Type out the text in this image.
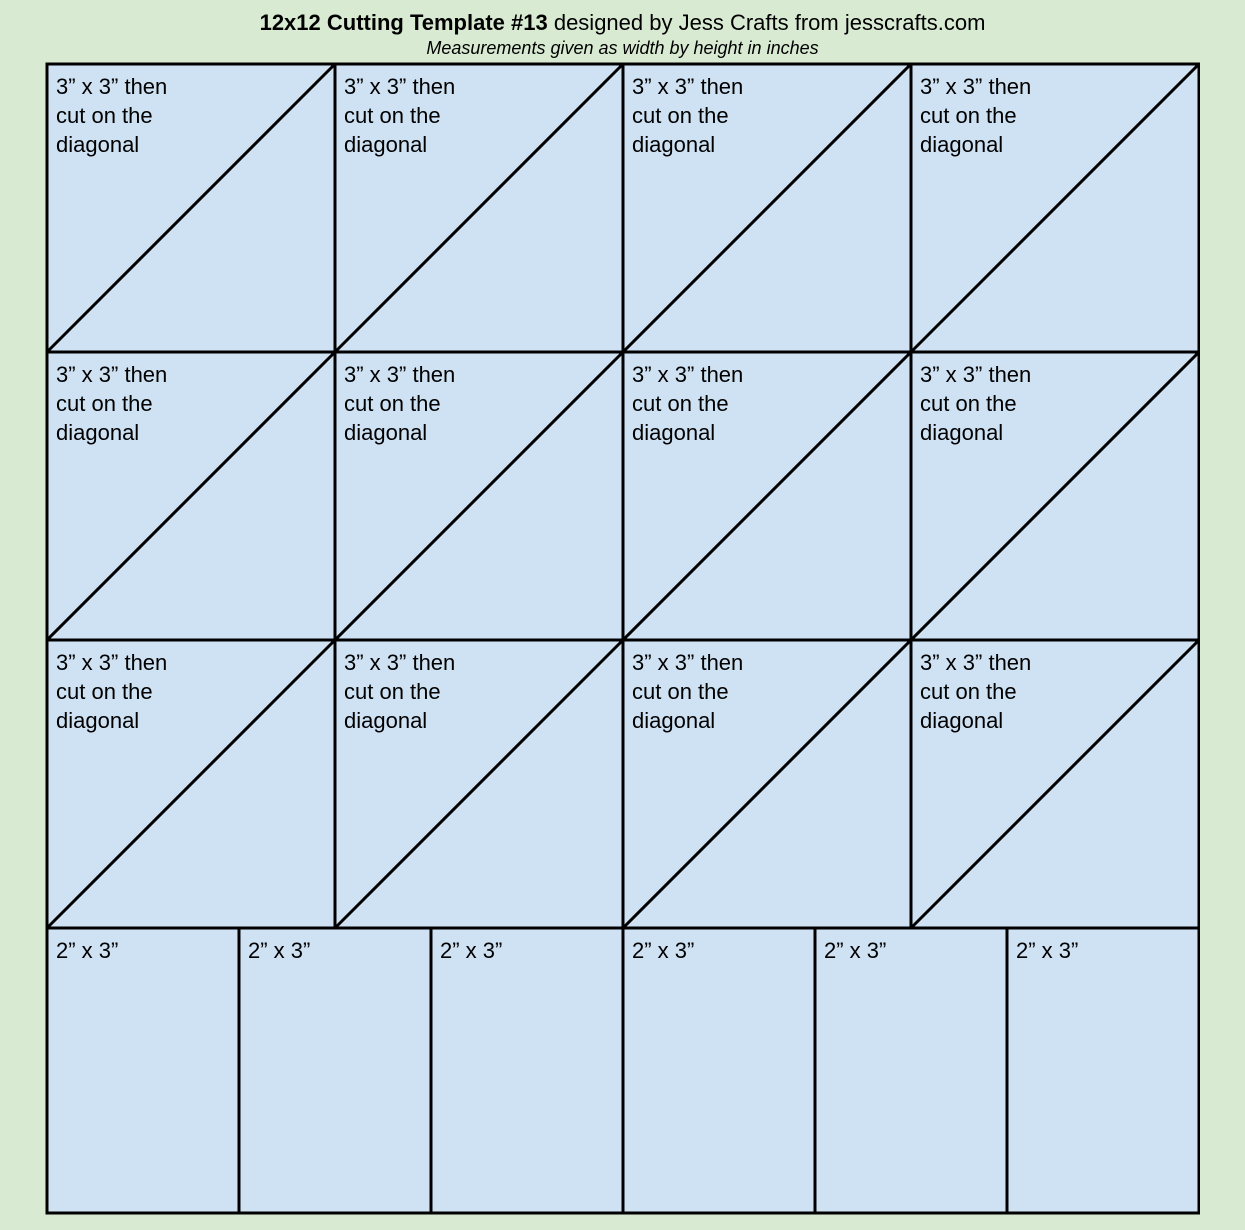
12x12 Cutting Template #13 designed by Jess Crafts from jesscrafts.com
Measurements given as width by height in inches
3” x 3” then
cut on the
diagonal
3” x 3” then
cut on the
diagonal
3” x 3” then
cut on the
diagonal
3” x 3” then
cut on the
diagonal
3” x 3” then
cut on the
diagonal
3” x 3” then
cut on the
diagonal
3” x 3” then
cut on the
diagonal
3” x 3” then
cut on the
diagonal
3” x 3” then
cut on the
diagonal
3” x 3” then
cut on the
diagonal
3” x 3” then
cut on the
diagonal
3” x 3” then
cut on the
diagonal
2” x 3”	2” x 3”	2” x 3”	2” x 3”	2” x 3”	2” x 3”
